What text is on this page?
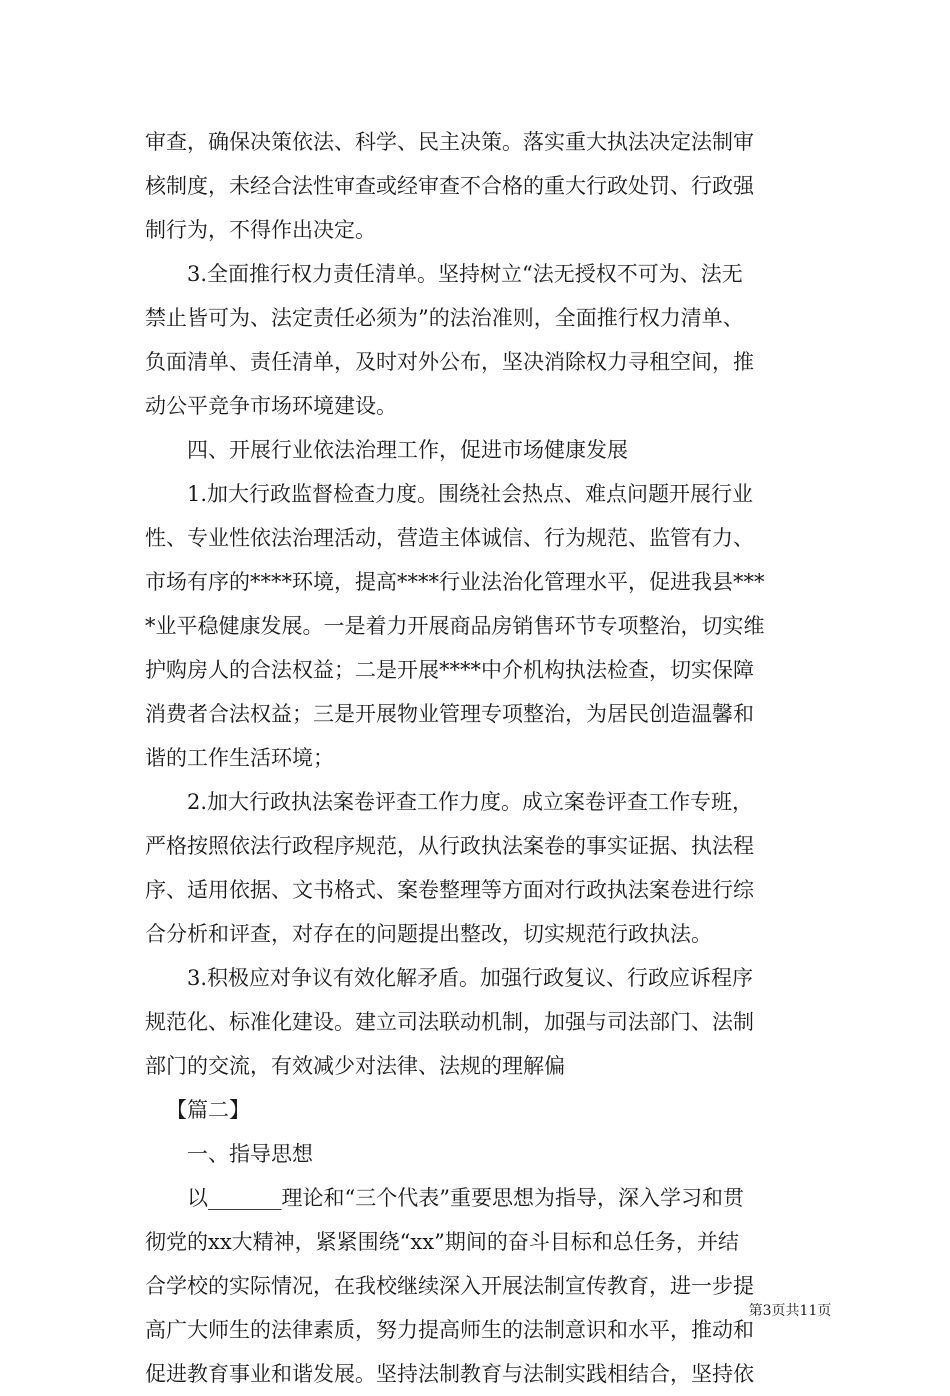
审查，确保决策依法、科学、民主决策。落实重大执法决定法制审
核制度，未经合法性审查或经审查不合格的重大行政处罚、行政强
制行为，不得作出决定。
3.全面推行权力责任清单。坚持树立“法无授权不可为、法无
禁止皆可为、法定责任必须为”的法治准则，全面推行权力清单、
负面清单、责任清单，及时对外公布，坚决消除权力寻租空间，推
动公平竞争市场环境建设。
四、开展行业依法治理工作，促进市场健康发展
1.加大行政监督检查力度。围绕社会热点、难点问题开展行业
性、专业性依法治理活动，营造主体诚信、行为规范、监管有力、
市场有序的****环境，提高****行业法治化管理水平，促进我县***
*业平稳健康发展。一是着力开展商品房销售环节专项整治，切实维
护购房人的合法权益；二是开展****中介机构执法检查，切实保障
消费者合法权益；三是开展物业管理专项整治，为居民创造温馨和
谐的工作生活环境；
2.加大行政执法案卷评查工作力度。成立案卷评查工作专班，
严格按照依法行政程序规范，从行政执法案卷的事实证据、执法程
序、适用依据、文书格式、案卷整理等方面对行政执法案卷进行综
合分析和评查，对存在的问题提出整改，切实规范行政执法。
3.积极应对争议有效化解矛盾。加强行政复议、行政应诉程序
规范化、标准化建设。建立司法联动机制，加强与司法部门、法制
部门的交流，有效减少对法律、法规的理解偏
【篇二】
一、指导思想
以_______理论和“三个代表”重要思想为指导，深入学习和贯
彻党的xx大精神，紧紧围绕“xx”期间的奋斗目标和总任务，并结
合学校的实际情况，在我校继续深入开展法制宣传教育，进一步提
高广大师生的法律素质，努力提高师生的法制意识和水平，推动和
促进教育事业和谐发展。坚持法制教育与法制实践相结合，坚持依
第3页共11页
